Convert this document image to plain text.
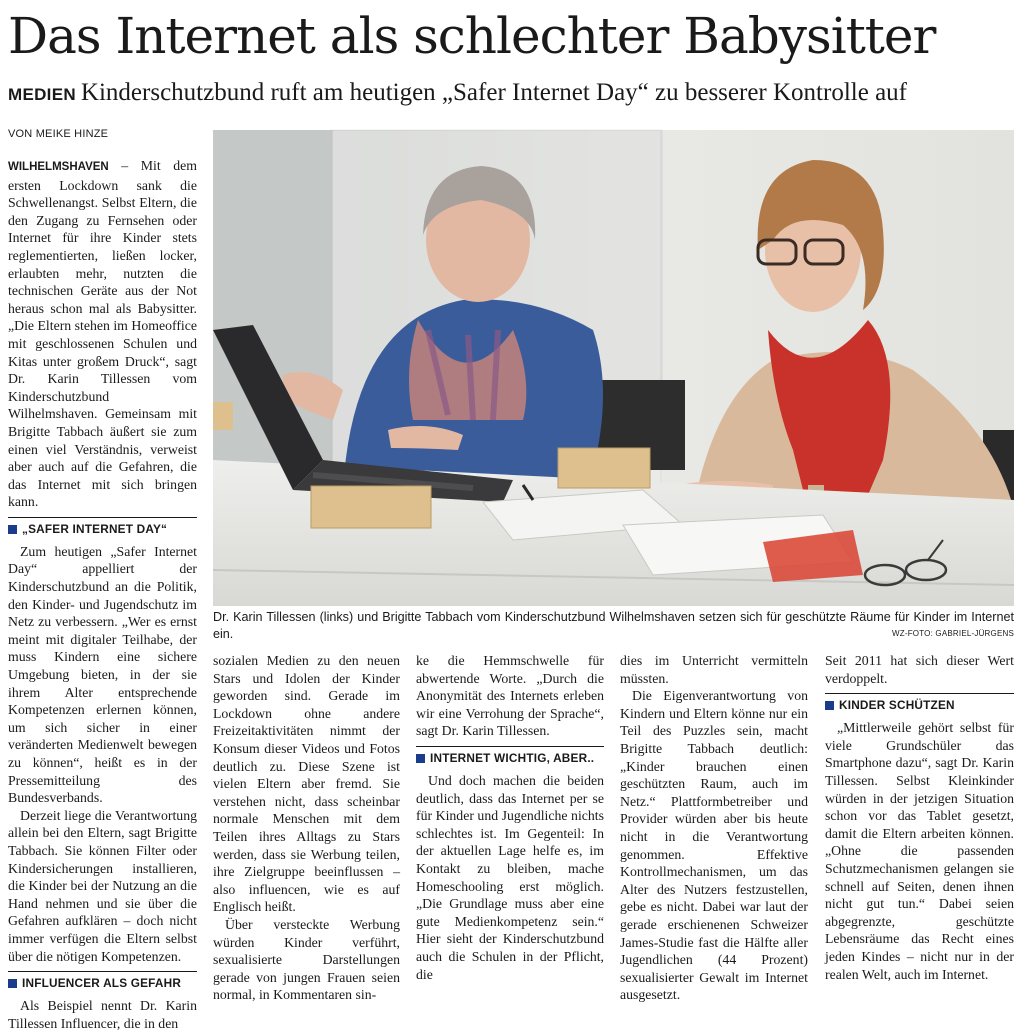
Das Internet als schlechter Babysitter
MEDIEN Kinderschutzbund ruft am heutigen „Safer Internet Day“ zu besserer Kontrolle auf
VON MEIKE HINZE

WILHELMSHAVEN – Mit dem ersten Lockdown sank die Schwellenangst. Selbst Eltern, die den Zugang zu Fernsehen oder Internet für ihre Kinder stets reglementierten, ließen locker, erlaubten mehr, nutzten die technischen Geräte aus der Not heraus schon mal als Babysitter. „Die Eltern stehen im Homeoffice mit geschlossenen Schulen und Kitas unter großem Druck“, sagt Dr. Karin Tillessen vom Kinderschutzbund Wilhelmshaven. Gemeinsam mit Brigitte Tabbach äußert sie zum einen viel Verständnis, verweist aber auch auf die Gefahren, die das Internet mit sich bringen kann.

„SAFER INTERNET DAY“

Zum heutigen „Safer Internet Day“ appelliert der Kinderschutzbund an die Politik, den Kinder- und Jugendschutz im Netz zu verbessern. „Wer es ernst meint mit digitaler Teilhabe, der muss Kindern eine sichere Umgebung bieten, in der sie ihrem Alter entsprechende Kompetenzen erlernen können, um sich sicher in einer veränderten Medienwelt bewegen zu können“, heißt es in der Pressemitteilung des Bundesverbands.

Derzeit liege die Verantwortung allein bei den Eltern, sagt Brigitte Tabbach. Sie können Filter oder Kindersicherungen installieren, die Kinder bei der Nutzung an die Hand nehmen und sie über die Gefahren aufklären – doch nicht immer verfügen die Eltern selbst über die nötigen Kompetenzen.

INFLUENCER ALS GEFAHR

Als Beispiel nennt Dr. Karin Tillessen Influencer, die in den

Dr. Karin Tillessen (links) und Brigitte Tabbach vom Kinderschutzbund Wilhelmshaven setzen sich für geschützte Räume für Kinder im Internet ein.	WZ-FOTO: GABRIEL-JÜRGENS

sozialen Medien zu den neuen Stars und Idolen der Kinder geworden sind. Gerade im Lockdown ohne andere Freizeitaktivitäten nimmt der Konsum dieser Videos und Fotos deutlich zu. Diese Szene ist vielen Eltern aber fremd. Sie verstehen nicht, dass scheinbar normale Menschen mit dem Teilen ihres Alltags zu Stars werden, dass sie Werbung teilen, ihre Zielgruppe beeinflussen – also influencen, wie es auf Englisch heißt.

Über versteckte Werbung würden Kinder verführt, sexualisierte Darstellungen gerade von jungen Frauen seien normal, in Kommentaren sin-

ke die Hemmschwelle für abwertende Worte. „Durch die Anonymität des Internets erleben wir eine Verrohung der Sprache“, sagt Dr. Karin Tillessen.

INTERNET WICHTIG, ABER..

Und doch machen die beiden deutlich, dass das Internet per se für Kinder und Jugendliche nichts schlechtes ist. Im Gegenteil: In der aktuellen Lage helfe es, im Kontakt zu bleiben, mache Homeschooling erst möglich. „Die Grundlage muss aber eine gute Medienkompetenz sein.“ Hier sieht der Kinderschutzbund auch die Schulen in der Pflicht, die

dies im Unterricht vermitteln müssten.

Die Eigenverantwortung von Kindern und Eltern könne nur ein Teil des Puzzles sein, macht Brigitte Tabbach deutlich: „Kinder brauchen einen geschützten Raum, auch im Netz.“ Plattformbetreiber und Provider würden aber bis heute nicht in die Verantwortung genommen. Effektive Kontrollmechanismen, um das Alter des Nutzers festzustellen, gebe es nicht. Dabei war laut der gerade erschienenen Schweizer James-Studie fast die Hälfte aller Jugendlichen (44 Prozent) sexualisierter Gewalt im Internet ausgesetzt.

Seit 2011 hat sich dieser Wert verdoppelt.

KINDER SCHÜTZEN

„Mittlerweile gehört selbst für viele Grundschüler das Smartphone dazu“, sagt Dr. Karin Tillessen. Selbst Kleinkinder würden in der jetzigen Situation schon vor das Tablet gesetzt, damit die Eltern arbeiten können. „Ohne die passenden Schutzmechanismen gelangen sie schnell auf Seiten, denen ihnen nicht gut tun.“ Dabei seien abgegrenzte, geschützte Lebensräume das Recht eines jeden Kindes – nicht nur in der realen Welt, auch im Internet.
